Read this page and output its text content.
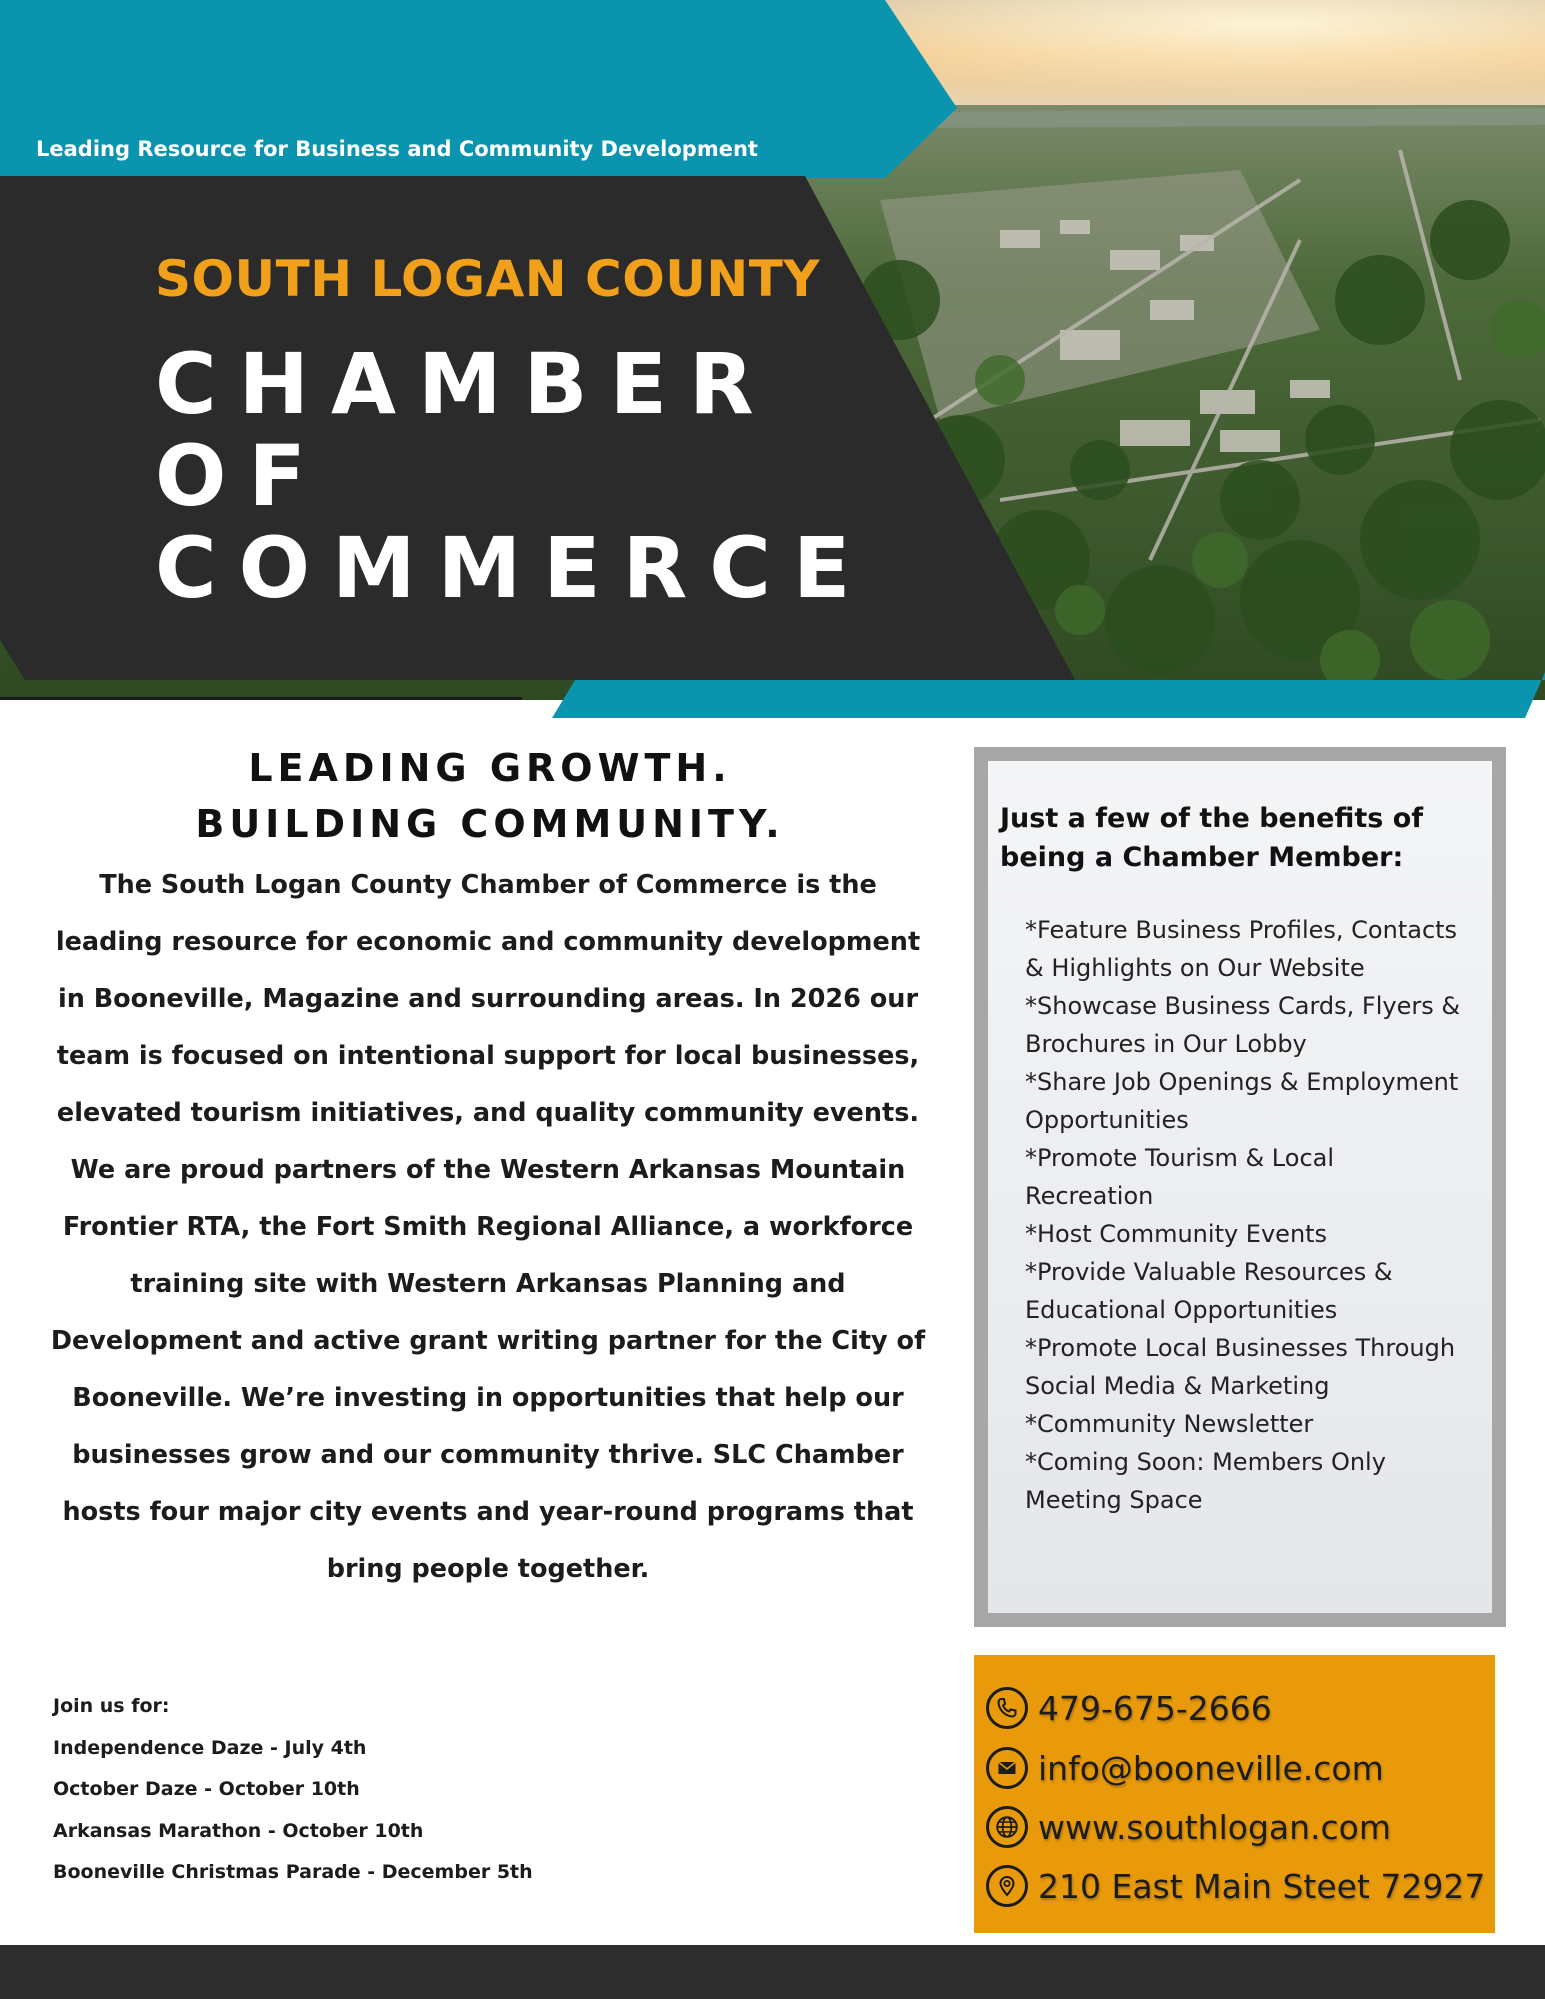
Leading Resource for Business and Community Development
SOUTH LOGAN COUNTY
CHAMBER
OF
COMMERCE
LEADING GROWTH.
BUILDING COMMUNITY.

The South Logan County Chamber of Commerce is the leading resource for economic and community development in Booneville, Magazine and surrounding areas. In 2026 our team is focused on intentional support for local businesses, elevated tourism initiatives, and quality community events.

We are proud partners of the Western Arkansas Mountain Frontier RTA, the Fort Smith Regional Alliance, a workforce training site with Western Arkansas Planning and Development and active grant writing partner for the City of Booneville. We’re investing in opportunities that help our businesses grow and our community thrive. SLC Chamber hosts four major city events and year-round programs that bring people together.

Join us for:
Independence Daze - July 4th
October Daze - October 10th
Arkansas Marathon - October 10th
Booneville Christmas Parade - December 5th
Just a few of the benefits of being a Chamber Member:
*Feature Business Profiles, Contacts & Highlights on Our Website
*Showcase Business Cards, Flyers & Brochures in Our Lobby
*Share Job Openings & Employment Opportunities
*Promote Tourism & Local Recreation
*Host Community Events
*Provide Valuable Resources & Educational Opportunities
*Promote Local Businesses Through Social Media & Marketing
*Community Newsletter
*Coming Soon: Members Only Meeting Space
479-675-2666
info@booneville.com
www.southlogan.com
210 East Main Steet 72927
